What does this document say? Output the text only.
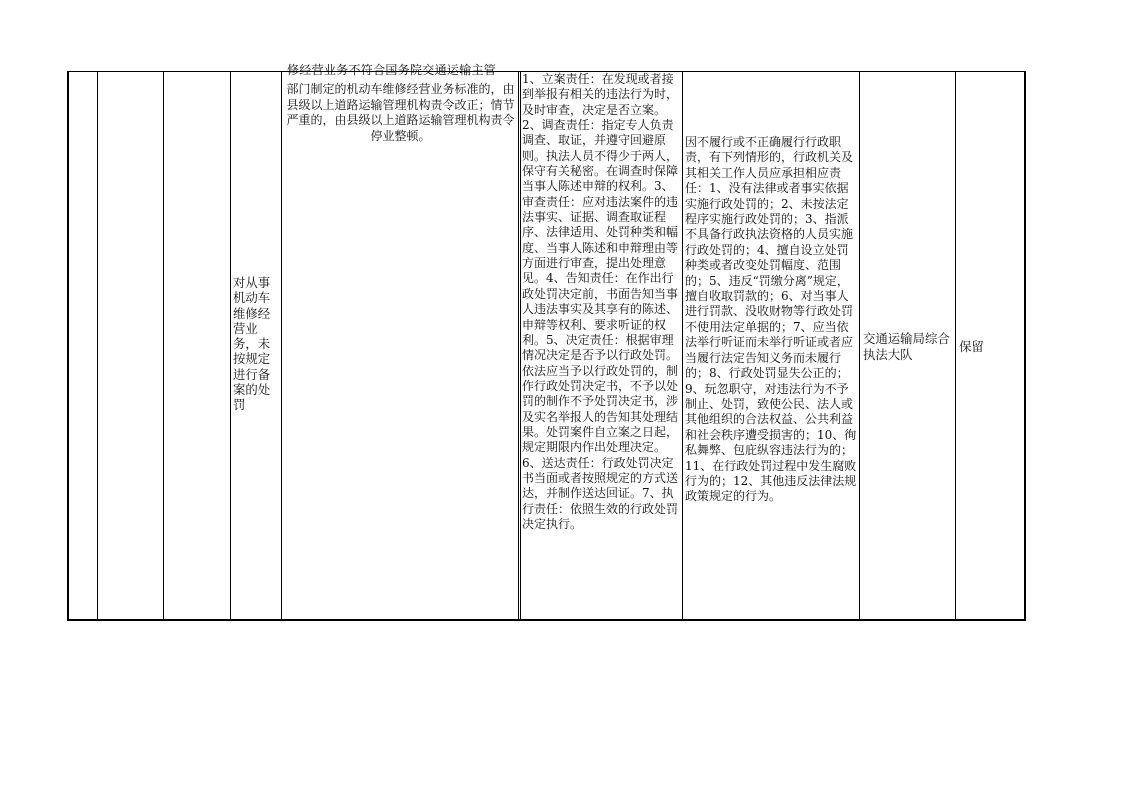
对从事机动车维修经营业务，未按规定进行备案的处罚
修经营业务不符合国务院交通运输主管
部门制定的机动车维修经营业务标准的，由县级以上道路运输管理机构责令改正；情节严重的，由县级以上道路运输管理机构责令停业整顿。
1、立案责任：在发现或者接到举报有相关的违法行为时，及时审查，决定是否立案。2、调查责任：指定专人负责调查、取证，并遵守回避原则。执法人员不得少于两人，保守有关秘密。在调查时保障当事人陈述申辩的权利。3、审查责任：应对违法案件的违法事实、证据、调查取证程序、法律适用、处罚种类和幅度、当事人陈述和申辩理由等方面进行审查，提出处理意见。4、告知责任：在作出行政处罚决定前，书面告知当事人违法事实及其享有的陈述、申辩等权利、要求听证的权利。5、决定责任：根据审理情况决定是否予以行政处罚。依法应当予以行政处罚的，制作行政处罚决定书，不予以处罚的制作不予处罚决定书，涉及实名举报人的告知其处理结果。处罚案件自立案之日起，规定期限内作出处理决定。
6、送达责任：行政处罚决定书当面或者按照规定的方式送达，并制作送达回证。7、执行责任：依照生效的行政处罚决定执行。
因不履行或不正确履行行政职责，有下列情形的，行政机关及其相关工作人员应承担相应责任：1、没有法律或者事实依据实施行政处罚的；2、未按法定程序实施行政处罚的；3、指派不具备行政执法资格的人员实施行政处罚的；4、擅自设立处罚种类或者改变处罚幅度、范围的；5、违反“罚缴分离”规定，擅自收取罚款的；6、对当事人进行罚款、没收财物等行政处罚不使用法定单据的；7、应当依法举行听证而未举行听证或者应当履行法定告知义务而未履行的；8、行政处罚显失公正的；9、玩忽职守，对违法行为不予制止、处罚，致使公民、法人或其他组织的合法权益、公共利益和社会秩序遭受损害的；10、徇私舞弊、包庇纵容违法行为的；11、在行政处罚过程中发生腐败行为的；12、其他违反法律法规政策规定的行为。
交通运输局综合执法大队
保留
